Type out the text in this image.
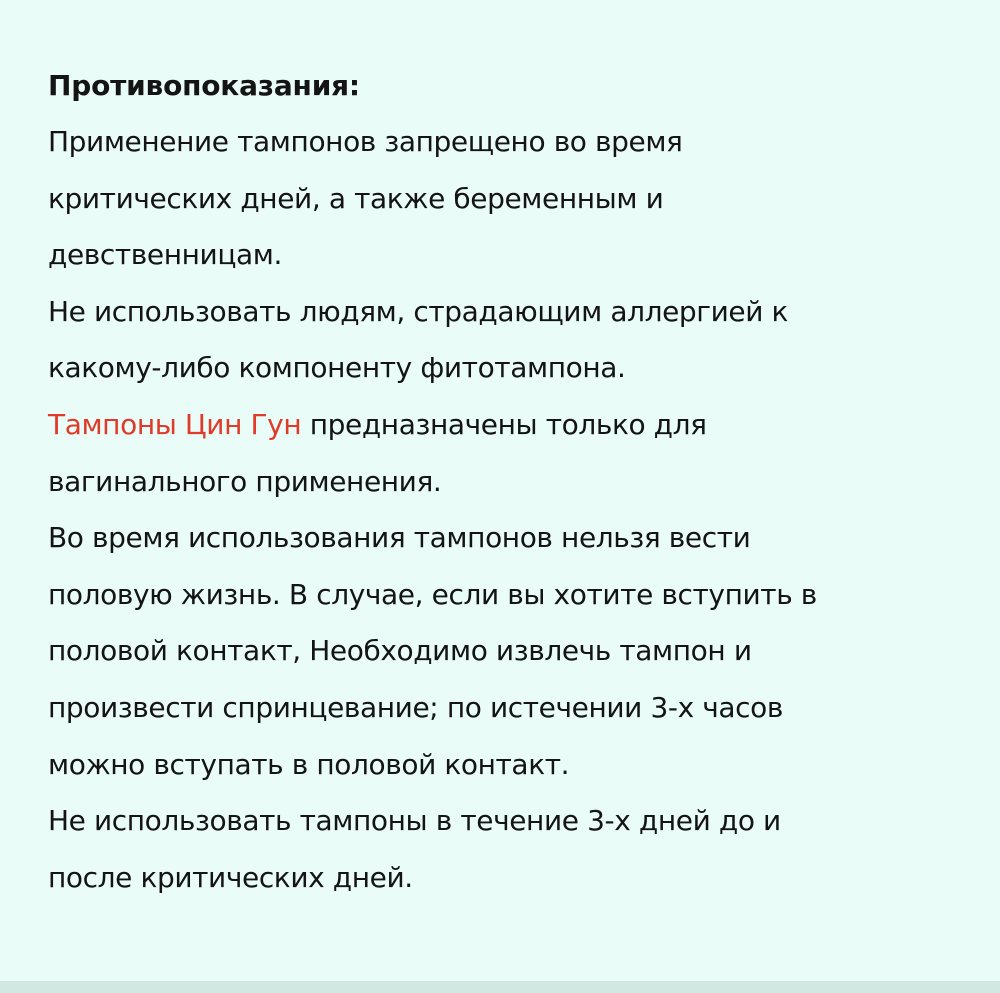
Противопоказания:

Применение тампонов запрещено во время

критических дней, а также беременным и

девственницам.

Не использовать людям, страдающим аллергией к

какому-либо компоненту фитотампона.

Тампоны Цин Гун предназначены только для

вагинального применения.

Во время использования тампонов нельзя вести

половую жизнь. В случае, если вы хотите вступить в

половой контакт, Необходимо извлечь тампон и

произвести спринцевание; по истечении 3-х часов

можно вступать в половой контакт.

Не использовать тампоны в течение 3-х дней до и

после критических дней.
